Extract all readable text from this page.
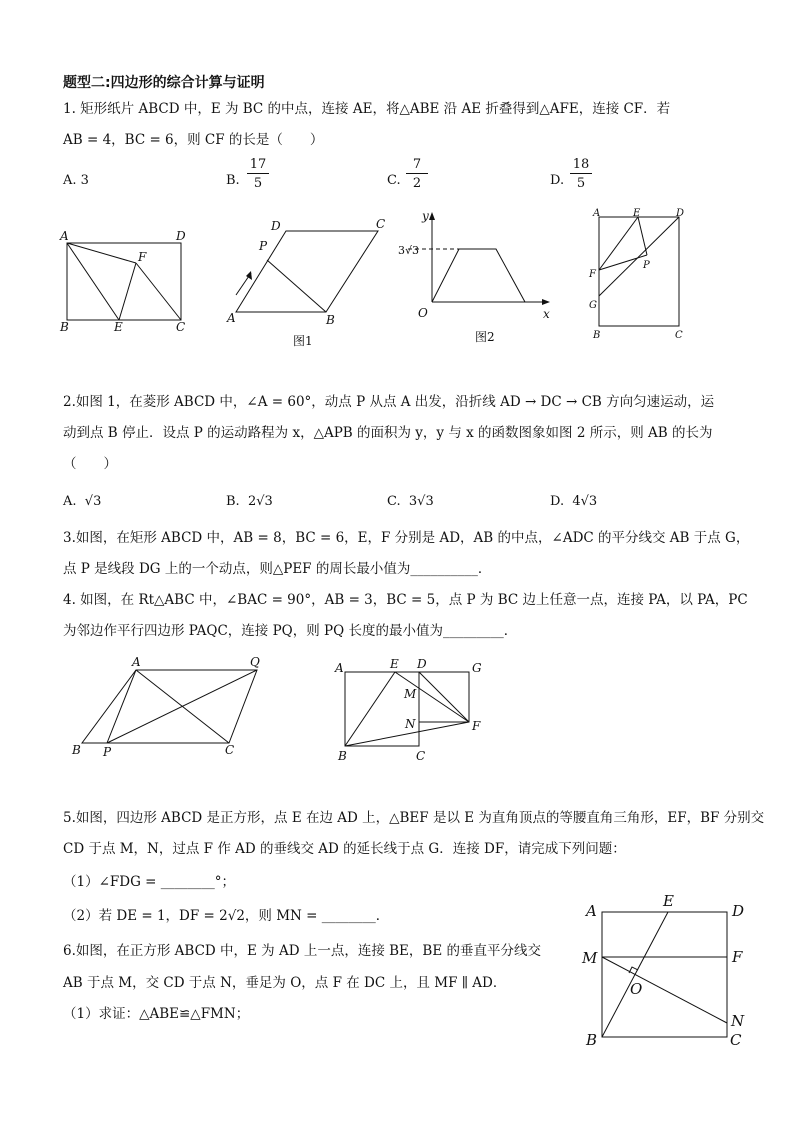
题型二:四边形的综合计算与证明
1. 矩形纸片 ABCD 中，E 为 BC 的中点，连接 AE，将△ABE 沿 AE 折叠得到△AFE，连接 CF．若
AB = 4，BC = 6，则 CF 的长是（　　）
A. 3	B. $\frac{17}{5}$	C. $\frac{7}{2}$	D. $\frac{18}{5}$
A	D
B	C
E
F
A	B
C
D
P
y
x
O
3√3
A	E	D
F
G
P
B	C
图1	图2
2.如图 1，在菱形 ABCD 中，∠A = 60°，动点 P 从点 A 出发，沿折线 AD → DC → CB 方向匀速运动，运
动到点 B 停止．设点 P 的运动路程为 x，△APB 的面积为 y，y 与 x 的函数图象如图 2 所示，则 AB 的长为
（　　）
A. √3	B. 2√3	C. 3√3	D. 4√3
3.如图，在矩形 ABCD 中，AB = 8，BC = 6，E，F 分别是 AD，AB 的中点，∠ADC 的平分线交 AB 于点 G，
点 P 是线段 DG 上的一个动点，则△PEF 的周长最小值为__________．
4. 如图，在 Rt△ABC 中，∠BAC = 90°，AB = 3，BC = 5，点 P 为 BC 边上任意一点，连接 PA，以 PA，PC
为邻边作平行四边形 PAQC，连接 PQ，则 PQ 长度的最小值为_________．
A	Q
B P	C
A	E D	G
M
N	F
B	C
5.如图，四边形 ABCD 是正方形，点 E 在边 AD 上，△BEF 是以 E 为直角顶点的等腰直角三角形，EF，BF 分别交
CD 于点 M，N，过点 F 作 AD 的垂线交 AD 的延长线于点 G．连接 DF，请完成下列问题：
（1）∠FDG = ________°；
（2）若 DE = 1，DF = 2√2，则 MN = ________．
6.如图，在正方形 ABCD 中，E 为 AD 上一点，连接 BE，BE 的垂直平分线交
AB 于点 M，交 CD 于点 N，垂足为 O，点 F 在 DC 上，且 MF ∥ AD．
（1）求证：△ABE≌△FMN；
A
E
D
M	F
O
N
B	C
